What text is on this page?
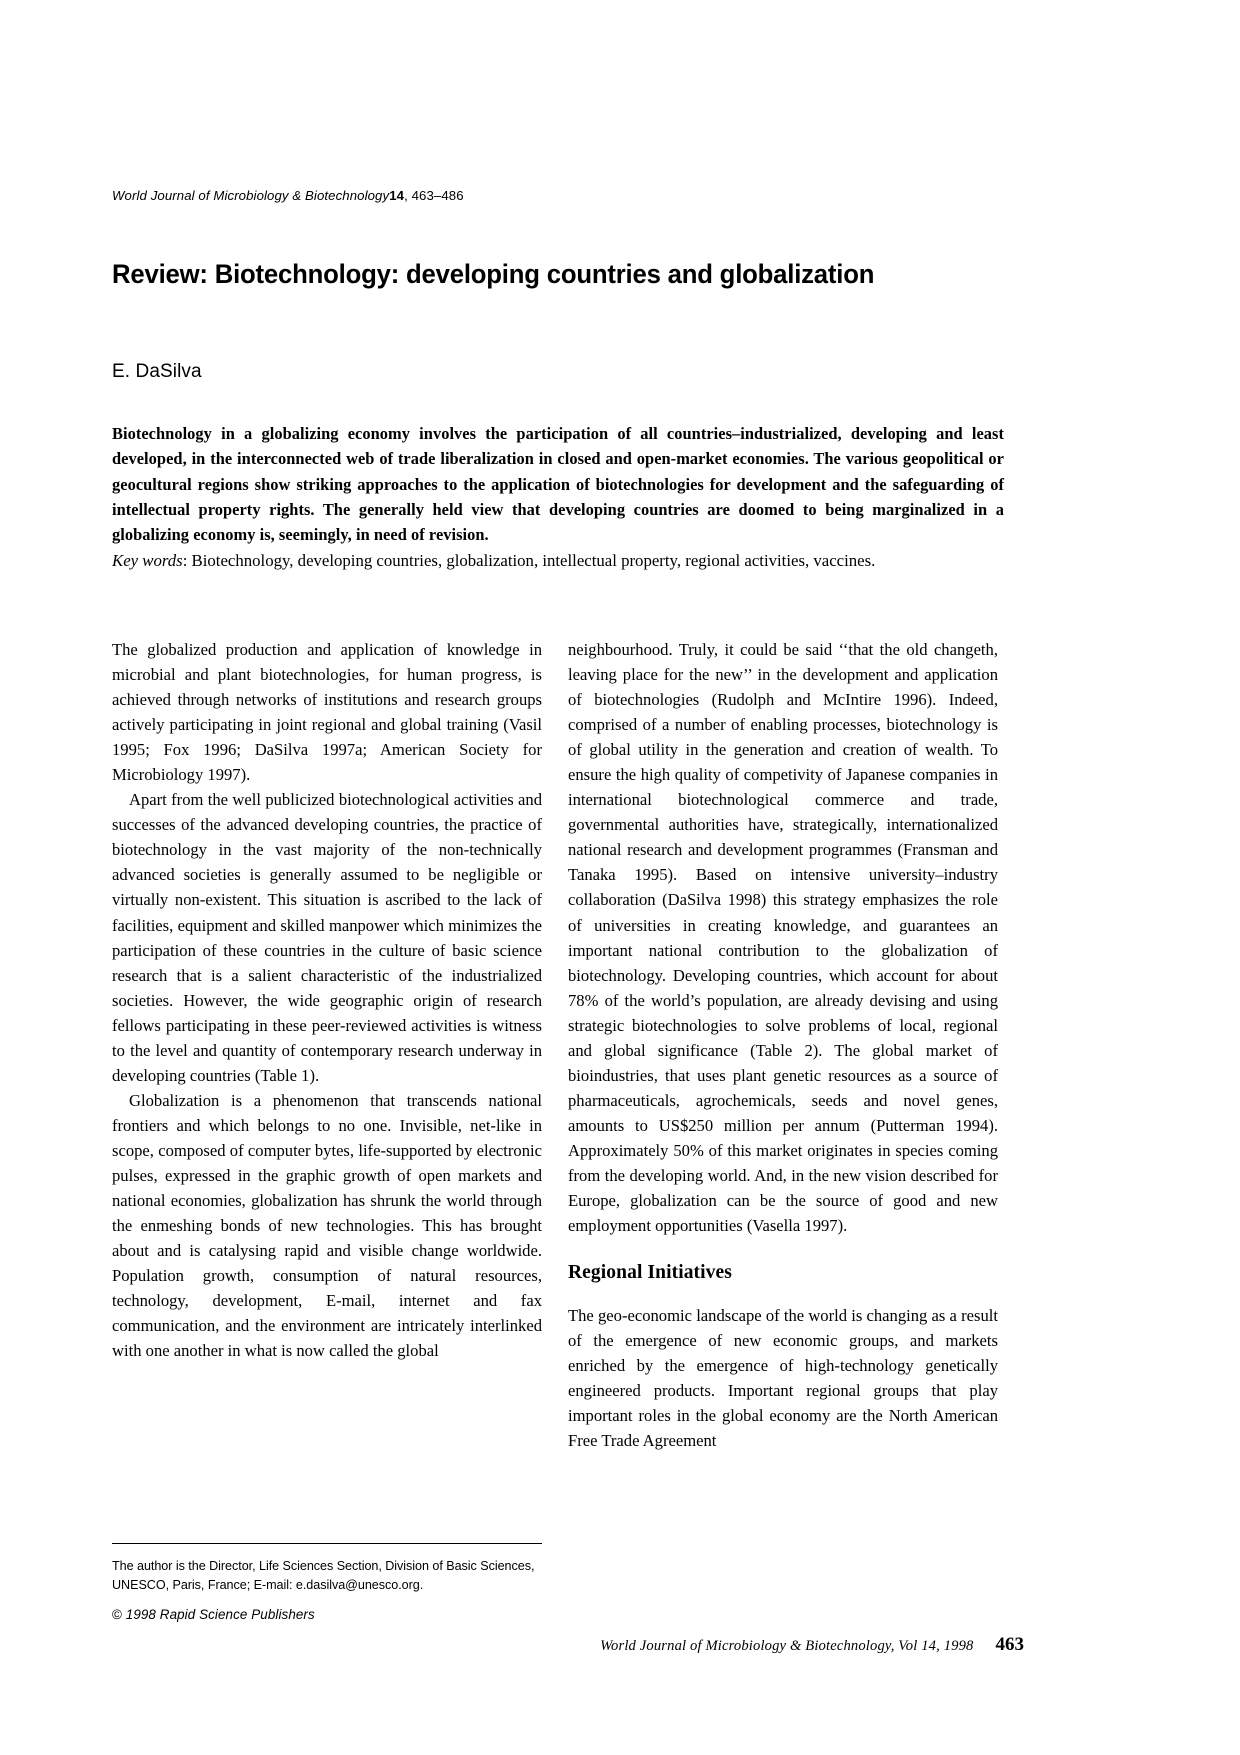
World Journal of Microbiology & Biotechnology14, 463–486
Review: Biotechnology: developing countries and globalization
E. DaSilva
Biotechnology in a globalizing economy involves the participation of all countries–industrialized, developing and least developed, in the interconnected web of trade liberalization in closed and open-market economies. The various geopolitical or geocultural regions show striking approaches to the application of biotechnologies for development and the safeguarding of intellectual property rights. The generally held view that developing countries are doomed to being marginalized in a globalizing economy is, seemingly, in need of revision.
Key words: Biotechnology, developing countries, globalization, intellectual property, regional activities, vaccines.

The globalized production and application of knowledge in microbial and plant biotechnologies, for human progress, is achieved through networks of institutions and research groups actively participating in joint regional and global training (Vasil 1995; Fox 1996; DaSilva 1997a; American Society for Microbiology 1997).

Apart from the well publicized biotechnological activities and successes of the advanced developing countries, the practice of biotechnology in the vast majority of the non-technically advanced societies is generally assumed to be negligible or virtually non-existent. This situation is ascribed to the lack of facilities, equipment and skilled manpower which minimizes the participation of these countries in the culture of basic science research that is a salient characteristic of the industrialized societies. However, the wide geographic origin of research fellows participating in these peer-reviewed activities is witness to the level and quantity of contemporary research underway in developing countries (Table 1).

Globalization is a phenomenon that transcends national frontiers and which belongs to no one. Invisible, net-like in scope, composed of computer bytes, life-supported by electronic pulses, expressed in the graphic growth of open markets and national economies, globalization has shrunk the world through the enmeshing bonds of new technologies. This has brought about and is catalysing rapid and visible change worldwide. Population growth, consumption of natural resources, technology, development, E-mail, internet and fax communication, and the environment are intricately interlinked with one another in what is now called the global

neighbourhood. Truly, it could be said ‘‘that the old changeth, leaving place for the new’’ in the development and application of biotechnologies (Rudolph and McIntire 1996). Indeed, comprised of a number of enabling processes, biotechnology is of global utility in the generation and creation of wealth. To ensure the high quality of competivity of Japanese companies in international biotechnological commerce and trade, governmental authorities have, strategically, internationalized national research and development programmes (Fransman and Tanaka 1995). Based on intensive university–industry collaboration (DaSilva 1998) this strategy emphasizes the role of universities in creating knowledge, and guarantees an important national contribution to the globalization of biotechnology. Developing countries, which account for about 78% of the world’s population, are already devising and using strategic biotechnologies to solve problems of local, regional and global significance (Table 2). The global market of bioindustries, that uses plant genetic resources as a source of pharmaceuticals, agrochemicals, seeds and novel genes, amounts to US$250 million per annum (Putterman 1994). Approximately 50% of this market originates in species coming from the developing world. And, in the new vision described for Europe, globalization can be the source of good and new employment opportunities (Vasella 1997).

Regional Initiatives

The geo-economic landscape of the world is changing as a result of the emergence of new economic groups, and markets enriched by the emergence of high-technology genetically engineered products. Important regional groups that play important roles in the global economy are the North American Free Trade Agreement

The author is the Director, Life Sciences Section, Division of Basic Sciences, UNESCO, Paris, France; E-mail: e.dasilva@unesco.org.
© 1998 Rapid Science Publishers
World Journal of Microbiology & Biotechnology, Vol 14, 1998 463
